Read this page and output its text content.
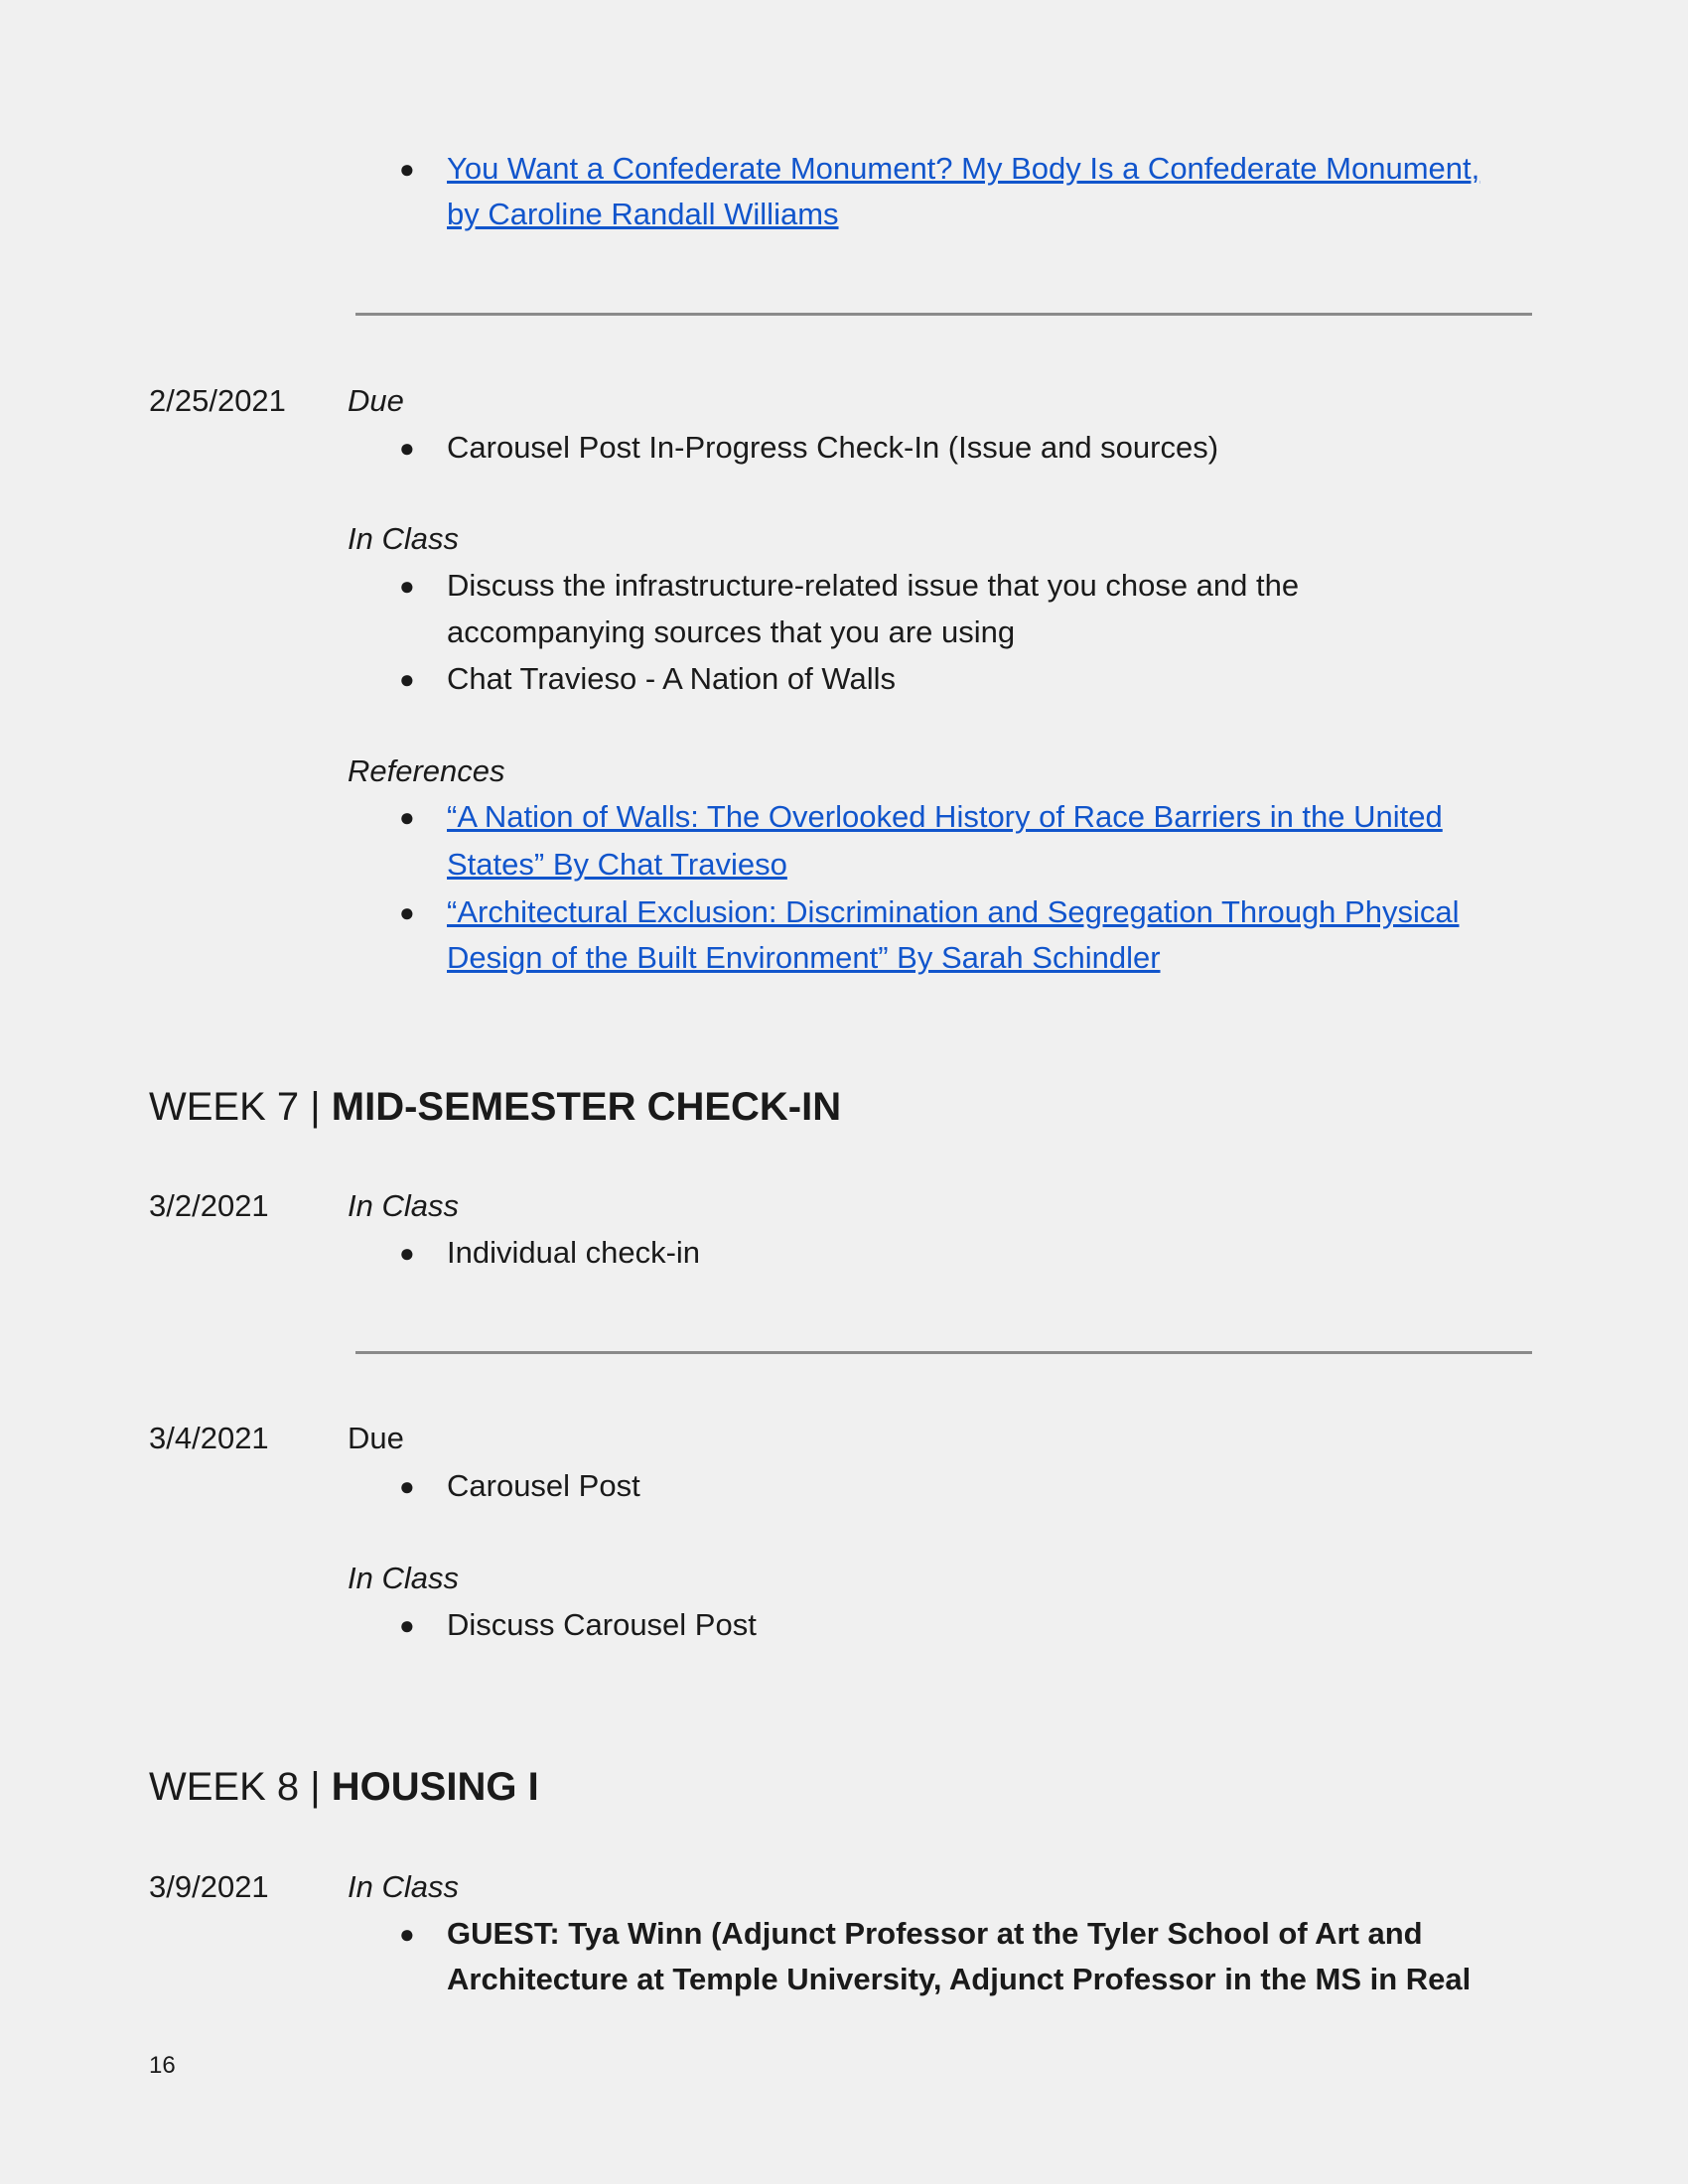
● You Want a Confederate Monument? My Body Is a Confederate Monument,
by Caroline Randall Williams
2/25/2021 Due
● Carousel Post In-Progress Check-In (Issue and sources)
In Class
● Discuss the infrastructure-related issue that you chose and the
accompanying sources that you are using
● Chat Travieso - A Nation of Walls
References
● “A Nation of Walls: The Overlooked History of Race Barriers in the United
States” By Chat Travieso
● “Architectural Exclusion: Discrimination and Segregation Through Physical
Design of the Built Environment” By Sarah Schindler
WEEK 7 | MID-SEMESTER CHECK-IN
3/2/2021	In Class
● Individual check-in
3/4/2021	Due
● Carousel Post
In Class
● Discuss Carousel Post
WEEK 8 | HOUSING I
3/9/2021	In Class
● GUEST: Tya Winn (Adjunct Professor at the Tyler School of Art and
Architecture at Temple University, Adjunct Professor in the MS in Real
16
